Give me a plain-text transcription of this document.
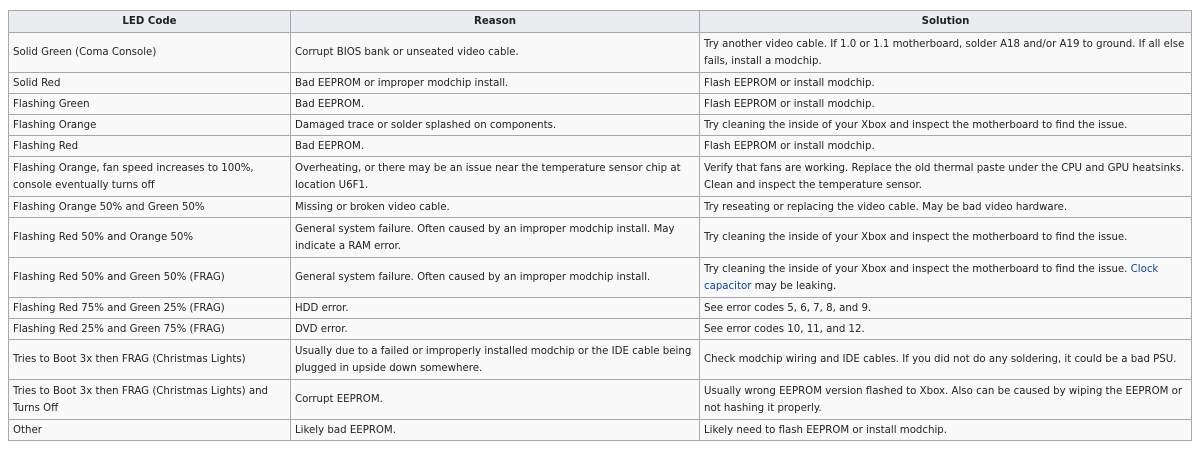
LED Code	Reason	Solution
Solid Green (Coma Console)	Corrupt BIOS bank or unseated video cable.	Try another video cable. If 1.0 or 1.1 motherboard, solder A18 and/or A19 to ground. If all else fails, install a modchip.
Solid Red	Bad EEPROM or improper modchip install.	Flash EEPROM or install modchip.
Flashing Green	Bad EEPROM.	Flash EEPROM or install modchip.
Flashing Orange	Damaged trace or solder splashed on components.	Try cleaning the inside of your Xbox and inspect the motherboard to find the issue.
Flashing Red	Bad EEPROM.	Flash EEPROM or install modchip.
Flashing Orange, fan speed increases to 100%, console eventually turns off	Overheating, or there may be an issue near the temperature sensor chip at location U6F1.	Verify that fans are working. Replace the old thermal paste under the CPU and GPU heatsinks. Clean and inspect the temperature sensor.
Flashing Orange 50% and Green 50%	Missing or broken video cable.	Try reseating or replacing the video cable. May be bad video hardware.
Flashing Red 50% and Orange 50%	General system failure. Often caused by an improper modchip install. May indicate a RAM error.	Try cleaning the inside of your Xbox and inspect the motherboard to find the issue.
Flashing Red 50% and Green 50% (FRAG)	General system failure. Often caused by an improper modchip install.	Try cleaning the inside of your Xbox and inspect the motherboard to find the issue. Clock capacitor may be leaking.
Flashing Red 75% and Green 25% (FRAG)	HDD error.	See error codes 5, 6, 7, 8, and 9.
Flashing Red 25% and Green 75% (FRAG)	DVD error.	See error codes 10, 11, and 12.
Tries to Boot 3x then FRAG (Christmas Lights)	Usually due to a failed or improperly installed modchip or the IDE cable being plugged in upside down somewhere.	Check modchip wiring and IDE cables. If you did not do any soldering, it could be a bad PSU.
Tries to Boot 3x then FRAG (Christmas Lights) and Turns Off	Corrupt EEPROM.	Usually wrong EEPROM version flashed to Xbox. Also can be caused by wiping the EEPROM or not hashing it properly.
Other	Likely bad EEPROM.	Likely need to flash EEPROM or install modchip.
